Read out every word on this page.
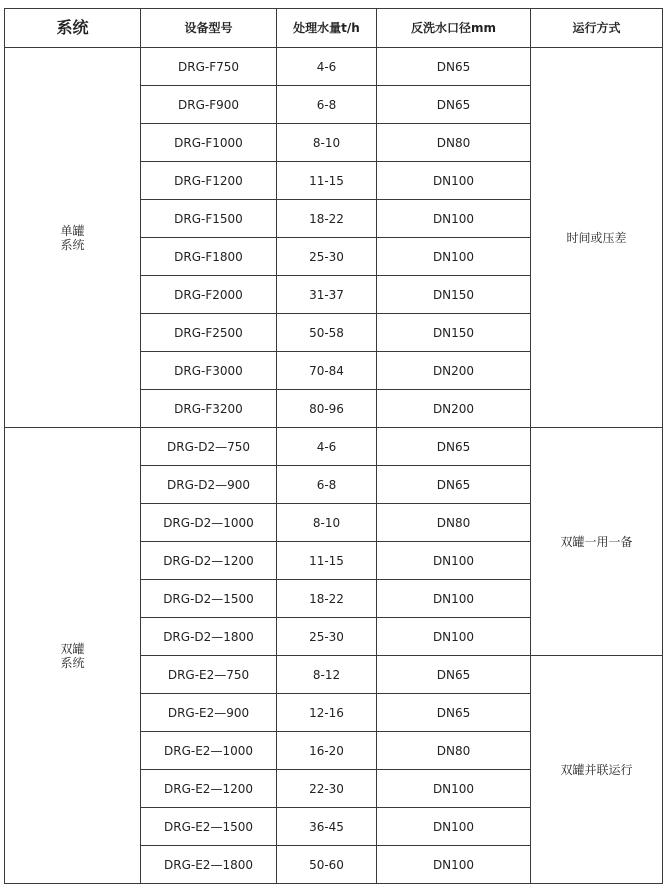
系统	设备型号	处理水量t/h	反洗水口径mm	运行方式
单罐
系统	DRG-F750	4-6	DN65	时间或压差
	DRG-F900	6-8	DN65	
	DRG-F1000	8-10	DN80	
	DRG-F1200	11-15	DN100	
	DRG-F1500	18-22	DN100	
	DRG-F1800	25-30	DN100	
	DRG-F2000	31-37	DN150	
	DRG-F2500	50-58	DN150	
	DRG-F3000	70-84	DN200	
	DRG-F3200	80-96	DN200	
双罐
系统	DRG-D2—750	4-6	DN65	双罐一用一备
	DRG-D2—900	6-8	DN65	
	DRG-D2—1000	8-10	DN80	
	DRG-D2—1200	11-15	DN100	
	DRG-D2—1500	18-22	DN100	
	DRG-D2—1800	25-30	DN100	
	DRG-E2—750	8-12	DN65	双罐并联运行
	DRG-E2—900	12-16	DN65	
	DRG-E2—1000	16-20	DN80	
	DRG-E2—1200	22-30	DN100	
	DRG-E2—1500	36-45	DN100	
	DRG-E2—1800	50-60	DN100	
